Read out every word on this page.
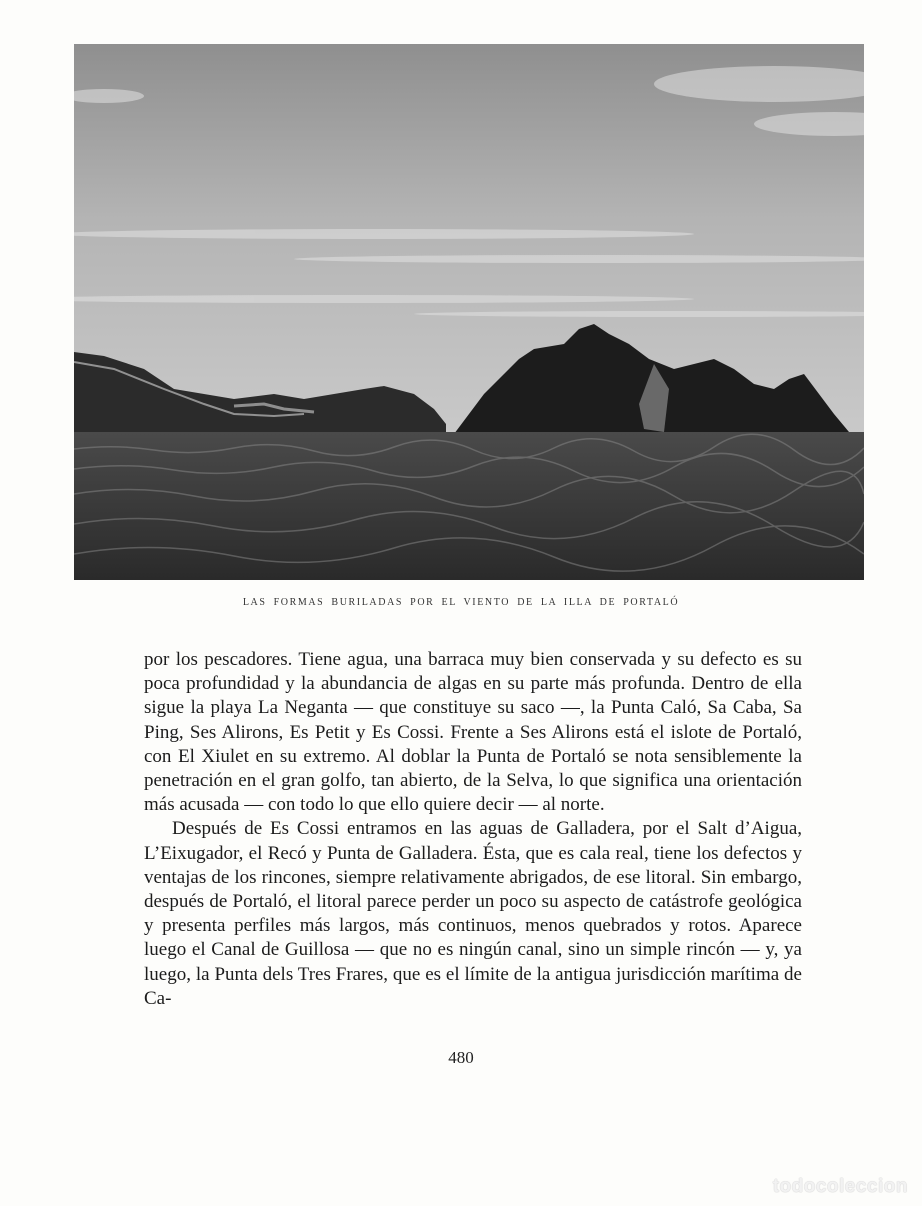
LAS FORMAS BURILADAS POR EL VIENTO DE LA ILLA DE PORTALÓ

por los pescadores. Tiene agua, una barraca muy bien conservada y su defecto es su poca profundidad y la abundancia de algas en su parte más profunda. Dentro de ella sigue la playa La Neganta — que constituye su saco —, la Punta Caló, Sa Caba, Sa Ping, Ses Alirons, Es Petit y Es Cossi. Frente a Ses Alirons está el islote de Portaló, con El Xiulet en su extremo. Al doblar la Punta de Portaló se nota sensiblemente la penetración en el gran golfo, tan abierto, de la Selva, lo que significa una orientación más acusada — con todo lo que ello quiere decir — al norte.

Después de Es Cossi entramos en las aguas de Galladera, por el Salt d’Aigua, L’Eixugador, el Recó y Punta de Galladera. Ésta, que es cala real, tiene los defectos y ventajas de los rincones, siempre relativamente abrigados, de ese litoral. Sin embargo, después de Portaló, el litoral parece perder un poco su aspecto de catástrofe geológica y presenta perfiles más largos, más continuos, menos quebrados y rotos. Aparece luego el Canal de Guillosa — que no es ningún canal, sino un simple rincón — y, ya luego, la Punta dels Tres Frares, que es el límite de la antigua jurisdicción marítima de Ca-

480
todocoleccion
